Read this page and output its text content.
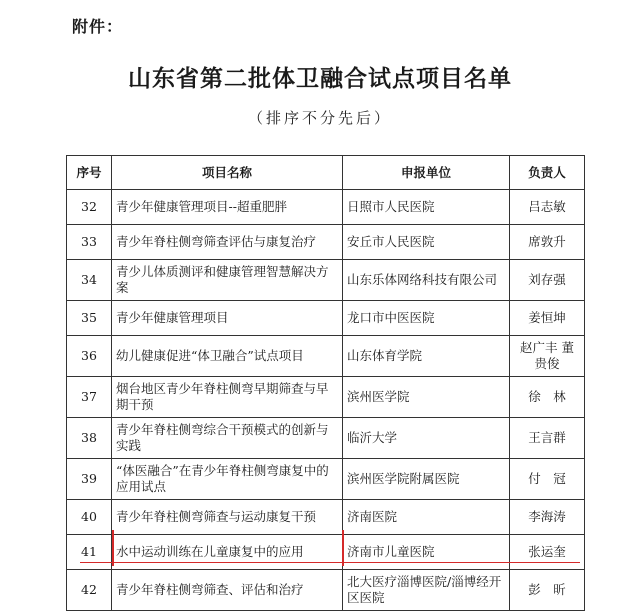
附件：
山东省第二批体卫融合试点项目名单
（排序不分先后）
序号	项目名称	申报单位	负责人
32	青少年健康管理项目--超重肥胖	日照市人民医院	吕志敏
33	青少年脊柱侧弯筛查评估与康复治疗	安丘市人民医院	席敦升
34	青少儿体质测评和健康管理智慧解决方案	山东乐体网络科技有限公司	刘存强
35	青少年健康管理项目	龙口市中医医院	姜恒坤
36	幼儿健康促进“体卫融合”试点项目	山东体育学院	赵广丰 董贵俊
37	烟台地区青少年脊柱侧弯早期筛查与早期干预	滨州医学院	徐　林
38	青少年脊柱侧弯综合干预模式的创新与实践	临沂大学	王言群
39	“体医融合”在青少年脊柱侧弯康复中的应用试点	滨州医学院附属医院	付　冠
40	青少年脊柱侧弯筛查与运动康复干预	济南医院	李海涛
41	水中运动训练在儿童康复中的应用	济南市儿童医院	张运奎
42	青少年脊柱侧弯筛查、评估和治疗	北大医疗淄博医院/淄博经开区医院	彭　昕
